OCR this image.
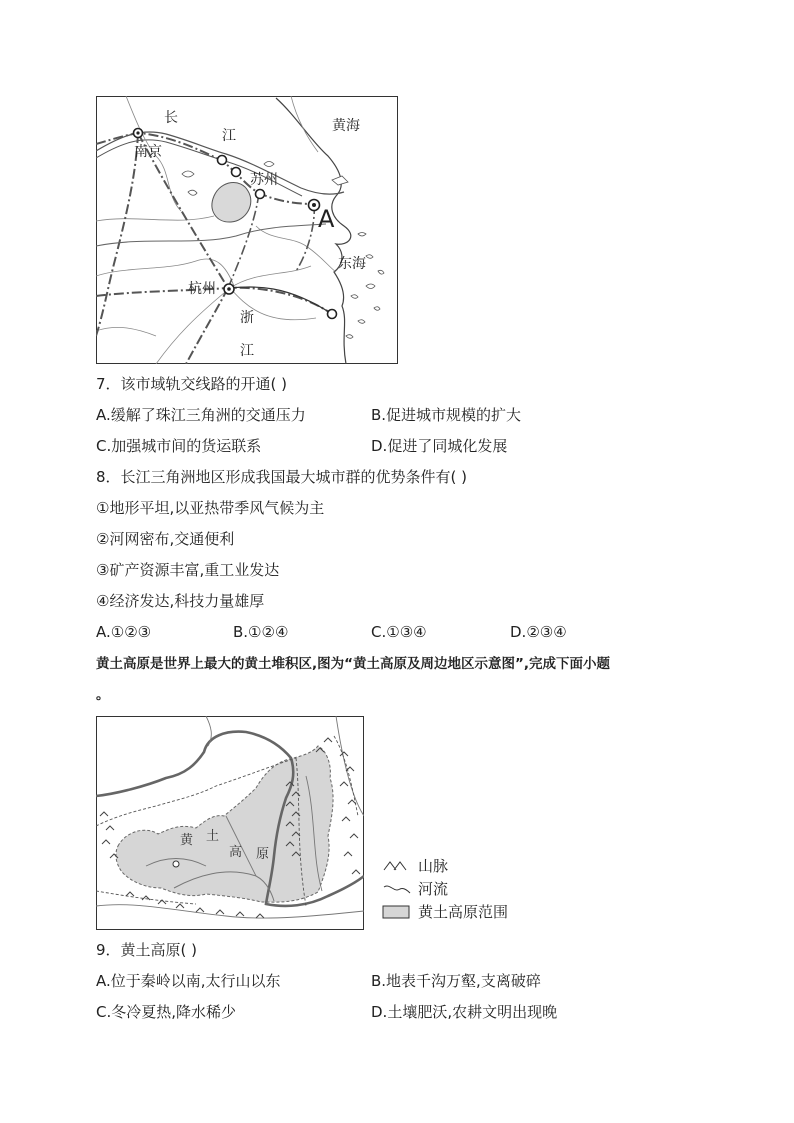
长
江
黄海
南京
苏州
A
东海
杭州
浙
江
7．该市域轨交线路的开通( )
A.缓解了珠江三角洲的交通压力	B.促进城市规模的扩大
C.加强城市间的货运联系	D.促进了同城化发展
8．长江三角洲地区形成我国最大城市群的优势条件有( )
①地形平坦,以亚热带季风气候为主
②河网密布,交通便利
③矿产资源丰富,重工业发达
④经济发达,科技力量雄厚
A.①②③	B.①②④	C.①③④	D.②③④
黄土高原是世界上最大的黄土堆积区,图为“黄土高原及周边地区示意图”,完成下面小题
。
黄 土
高 原
山脉
河流
黄土高原范围
9．黄土高原( )
A.位于秦岭以南,太行山以东	B.地表千沟万壑,支离破碎
C.冬冷夏热,降水稀少	D.土壤肥沃,农耕文明出现晚
